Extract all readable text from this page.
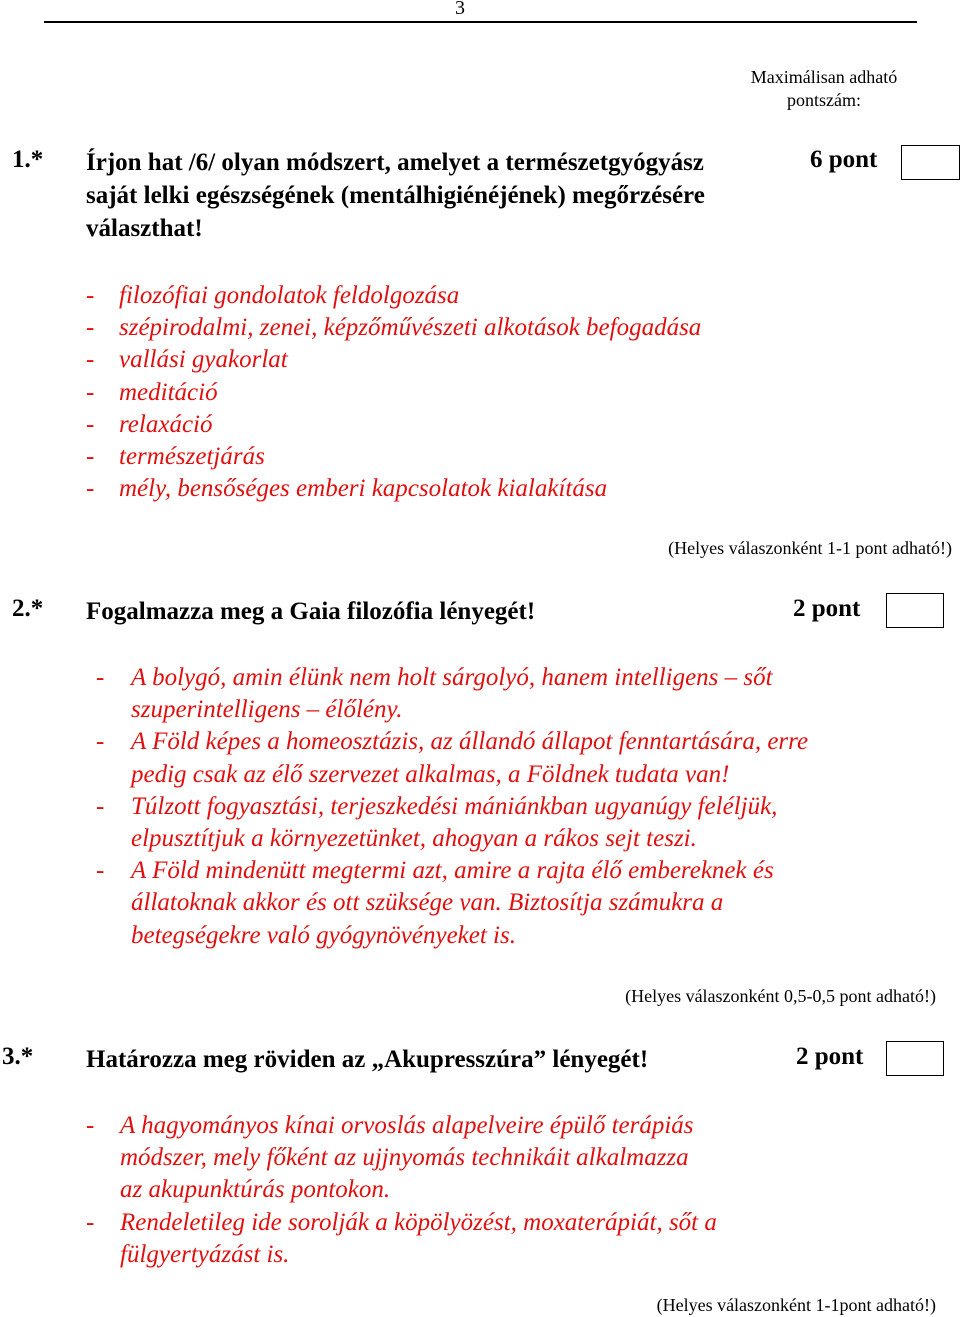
3
Maximálisan adható
pontszám:
1.* Írjon hat /6/ olyan módszert, amelyet a természetgyógyász
saját lelki egészségének (mentálhigiénéjének) megőrzésére
választhat!
6 pont
- filozófiai gondolatok feldolgozása
- szépirodalmi, zenei, képzőművészeti alkotások befogadása
- vallási gyakorlat
- meditáció
- relaxáció
- természetjárás
- mély, bensőséges emberi kapcsolatok kialakítása
(Helyes válaszonként 1-1 pont adható!)
2.* Fogalmazza meg a Gaia filozófia lényegét!	2 pont
- A bolygó, amin élünk nem holt sárgolyó, hanem intelligens – sőt
szuperintelligens – élőlény.
- A Föld képes a homeosztázis, az állandó állapot fenntartására, erre
pedig csak az élő szervezet alkalmas, a Földnek tudata van!
- Túlzott fogyasztási, terjeszkedési mániánkban ugyanúgy feléljük,
elpusztítjuk a környezetünket, ahogyan a rákos sejt teszi.
- A Föld mindenütt megtermi azt, amire a rajta élő embereknek és
állatoknak akkor és ott szüksége van. Biztosítja számukra a
betegségekre való gyógynövényeket is.
(Helyes válaszonként 0,5-0,5 pont adható!)
3.* Határozza meg röviden az „Akupresszúra” lényegét!	2 pont
- A hagyományos kínai orvoslás alapelveire épülő terápiás
módszer, mely főként az ujjnyomás technikáit alkalmazza
az akupunktúrás pontokon.
- Rendeletileg ide sorolják a köpölyözést, moxaterápiát, sőt a
fülgyertyázást is.
(Helyes válaszonként 1-1pont adható!)
